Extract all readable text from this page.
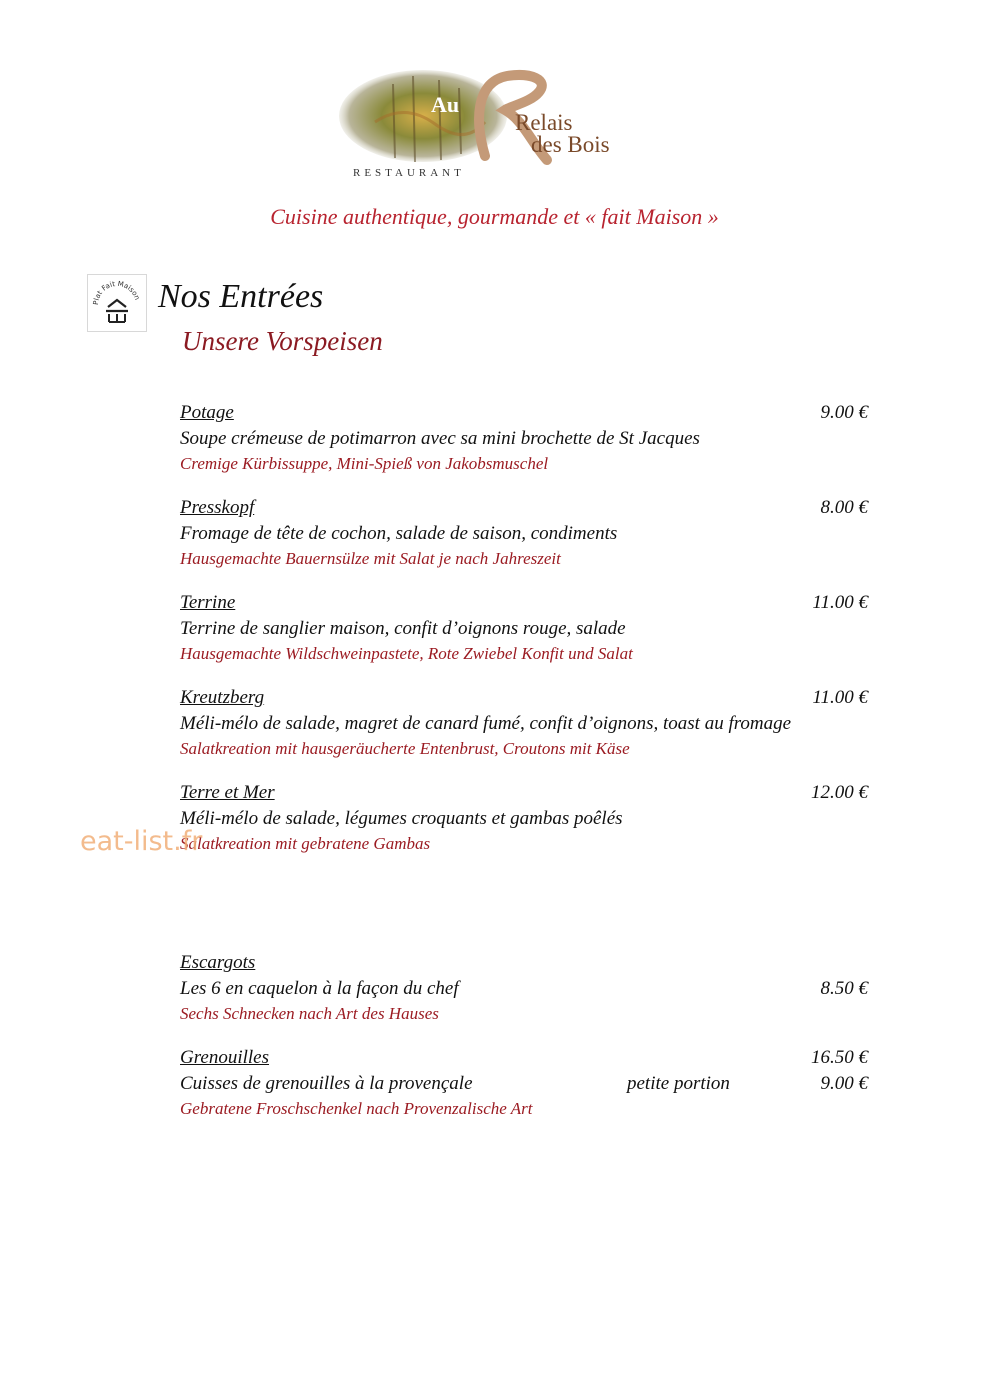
Au
Relais
des Bois
RESTAURANT
Cuisine authentique, gourmande et « fait Maison »
Plat Fait Maison Nos Entrées
Unsere Vorspeisen
Potage	9.00 €
Soupe crémeuse de potimarron avec sa mini brochette de St Jacques
Cremige Kürbissuppe, Mini-Spieß von Jakobsmuschel
Presskopf	8.00 €
Fromage de tête de cochon, salade de saison, condiments
Hausgemachte Bauernsülze mit Salat je nach Jahreszeit
Terrine	11.00 €
Terrine de sanglier maison, confit d’oignons rouge, salade
Hausgemachte Wildschweinpastete, Rote Zwiebel Konfit und Salat
Kreutzberg	11.00 €
Méli-mélo de salade, magret de canard fumé, confit d’oignons, toast au fromage
Salatkreation mit hausgeräucherte Entenbrust, Croutons mit Käse
Terre et Mer	12.00 €
Méli-mélo de salade, légumes croquants et gambas poêlés
Salatkreation mit gebratene Gambas
Escargots
Les 6 en caquelon à la façon du chef	8.50 €
Sechs Schnecken nach Art des Hauses
Grenouilles	16.50 €
Cuisses de grenouilles à la provençale	petite portion	9.00 €
Gebratene Froschschenkel nach Provenzalische Art
eat-list.fr
